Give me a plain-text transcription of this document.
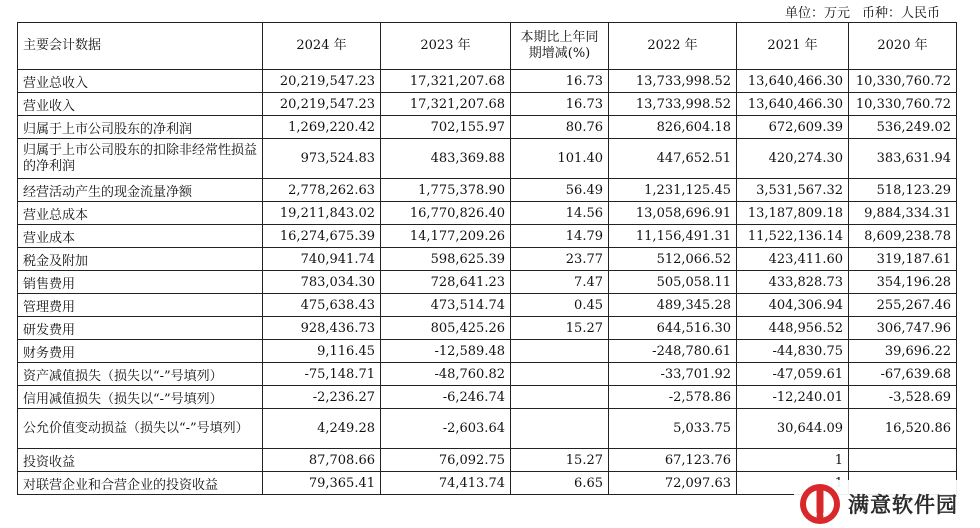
单位：万元 币种：人民币
主要会计数据	2024 年	2023 年	本期比上年同期增减(%)	2022 年	2021 年	2020 年
营业总收入	20,219,547.23	17,321,207.68	16.73	13,733,998.52	13,640,466.30	10,330,760.72
营业收入	20,219,547.23	17,321,207.68	16.73	13,733,998.52	13,640,466.30	10,330,760.72
归属于上市公司股东的净利润	1,269,220.42	702,155.97	80.76	826,604.18	672,609.39	536,249.02
归属于上市公司股东的扣除非经常性损益的净利润	973,524.83	483,369.88	101.40	447,652.51	420,274.30	383,631.94
经营活动产生的现金流量净额	2,778,262.63	1,775,378.90	56.49	1,231,125.45	3,531,567.32	518,123.29
营业总成本	19,211,843.02	16,770,826.40	14.56	13,058,696.91	13,187,809.18	9,884,334.31
营业成本	16,274,675.39	14,177,209.26	14.79	11,156,491.31	11,522,136.14	8,609,238.78
税金及附加	740,941.74	598,625.39	23.77	512,066.52	423,411.60	319,187.61
销售费用	783,034.30	728,641.23	7.47	505,058.11	433,828.73	354,196.28
管理费用	475,638.43	473,514.74	0.45	489,345.28	404,306.94	255,267.46
研发费用	928,436.73	805,425.26	15.27	644,516.30	448,956.52	306,747.96
财务费用	9,116.45	-12,589.48		-248,780.61	-44,830.75	39,696.22
资产减值损失（损失以“-”号填列）	-75,148.71	-48,760.82		-33,701.92	-47,059.61	-67,639.68
信用减值损失（损失以“-”号填列）	-2,236.27	-6,246.74		-2,578.86	-12,240.01	-3,528.69
公允价值变动损益（损失以“-”号填列）	4,249.28	-2,603.64		5,033.75	30,644.09	16,520.86
投资收益	87,708.66	76,092.75	15.27	67,123.76	1	
对联营企业和合营企业的投资收益	79,365.41	74,413.74	6.65	72,097.63		
满意软件园
